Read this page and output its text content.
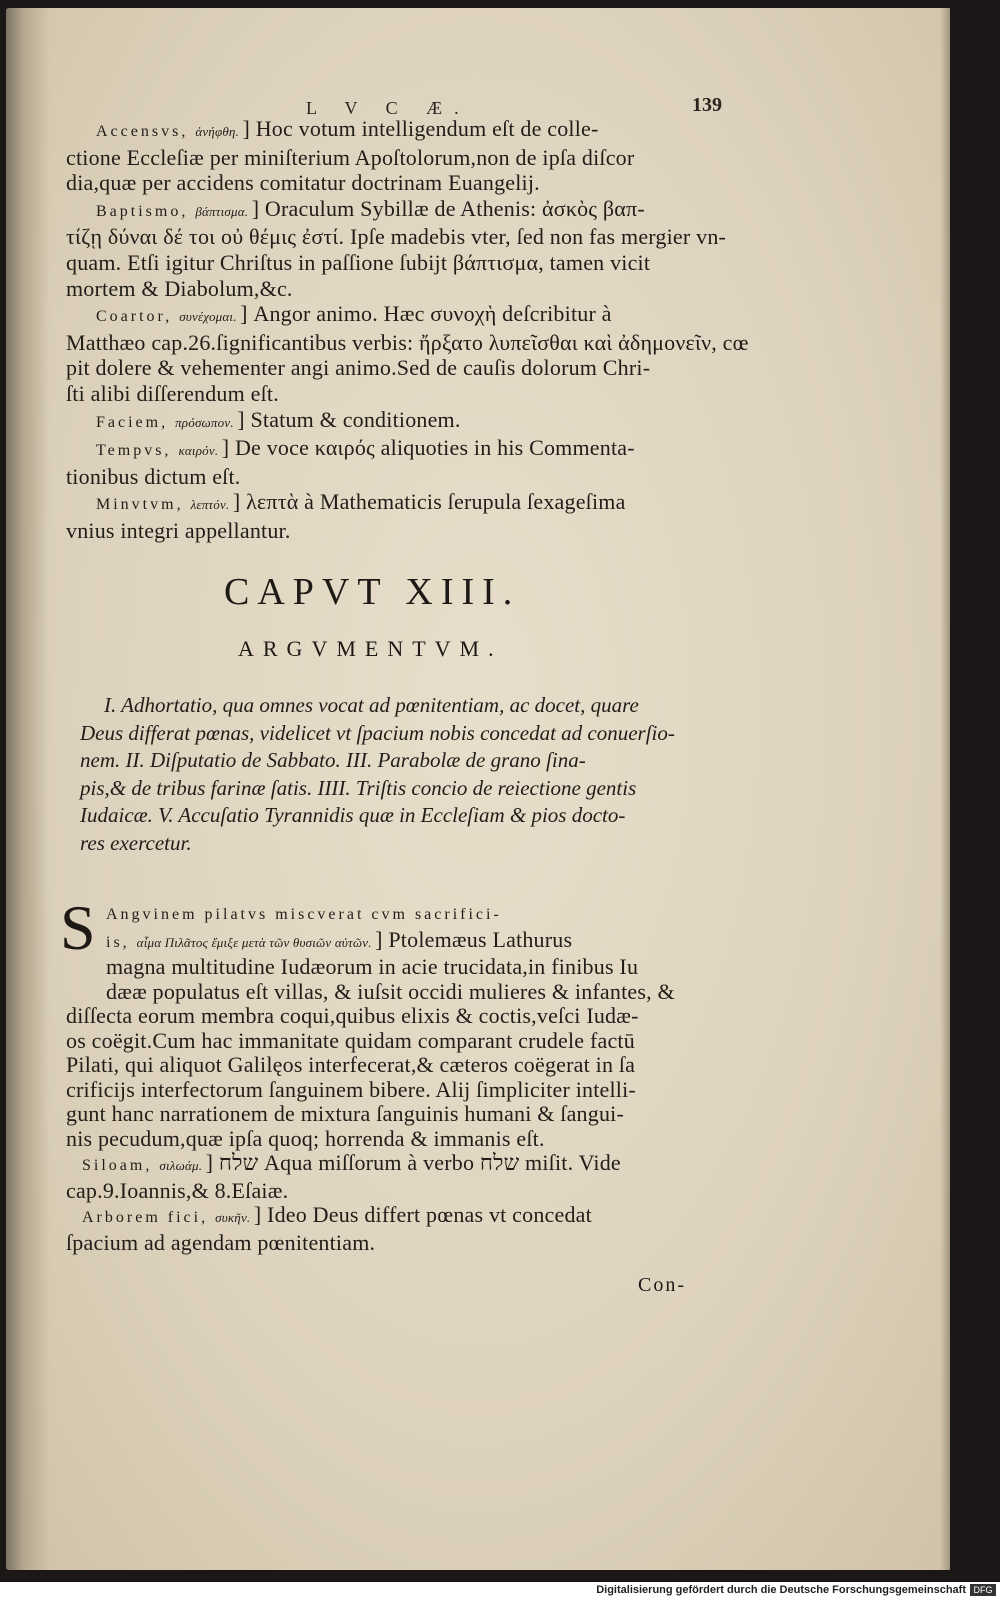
L V C Æ.	139
Accensvs, ἀνήφθη. ] Hoc votum intelligendum eſt de colle-
ctione Eccleſiæ per miniſterium Apoſtolorum,non de ipſa diſcor
dia,quæ per accidens comitatur doctrinam Euangelij.
Baptismo, βάπτισμα. ] Oraculum Sybillæ de Athenis: ἀσκὸς βαπ-
τίζῃ δύναι δέ τοι οὐ θέμις ἐστί. Ipſe madebis vter, ſed non fas mergier vn-
quam. Etſi igitur Chriſtus in paſſione ſubijt βάπτισμα, tamen vicit
mortem & Diabolum,&c.
Coartor, συνέχομαι. ] Angor animo. Hæc συνοχὴ deſcribitur à
Matthæo cap.26.ſignificantibus verbis: ἤρξατο λυπεῖσθαι καὶ ἀδημονεῖν, cœ
pit dolere & vehementer angi animo.Sed de cauſis dolorum Chri-
ſti alibi diſſerendum eſt.
Faciem, πρόσωπον. ] Statum & conditionem.
Tempvs, καιρόν. ] De voce καιρός aliquoties in his Commenta-
tionibus dictum eſt.
Minvtvm, λεπτόν. ] λεπτὰ à Mathematicis ſerupula ſexageſima
vnius integri appellantur.
CAPVT XIII.
ARGVMENTVM.
I. Adhortatio, qua omnes vocat ad pœnitentiam, ac docet, quare
Deus differat pœnas, videlicet vt ſpacium nobis concedat ad conuerſio-
nem. II. Diſputatio de Sabbato. III. Parabolæ de grano ſina-
pis,& de tribus farinæ ſatis. IIII. Triſtis concio de reiectione gentis
Iudaicæ. V. Accuſatio Tyrannidis quæ in Eccleſiam & pios docto-
res exercetur.
S Angvinem pilatvs miscverat cvm sacrifici-
is, αἷμα Πιλᾶτος ἔμιξε μετὰ τῶν θυσιῶν αὐτῶν. ] Ptolemæus Lathurus
magna multitudine Iudæorum in acie trucidata,in finibus Iu
dææ populatus eſt villas, & iuſsit occidi mulieres & infantes, &
diſſecta eorum membra coqui,quibus elixis & coctis,veſci Iudæ-
os coëgit.Cum hac immanitate quidam comparant crudele factū
Pilati, qui aliquot Galilęos interfecerat,& cæteros coëgerat in ſa
crificijs interfectorum ſanguinem bibere. Alij ſimpliciter intelli-
gunt hanc narrationem de mixtura ſanguinis humani & ſangui-
nis pecudum,quæ ipſa quoq; horrenda & immanis eſt.
Siloam, σιλωάμ. ] שלח Aqua miſſorum à verbo שלח miſit. Vide
cap.9.Ioannis,& 8.Eſaiæ.
Arborem fici, συκῆν. ] Ideo Deus differt pœnas vt concedat
ſpacium ad agendam pœnitentiam.
Con-
Digitalisierung gefördert durch die Deutsche Forschungsgemeinschaft DFG
